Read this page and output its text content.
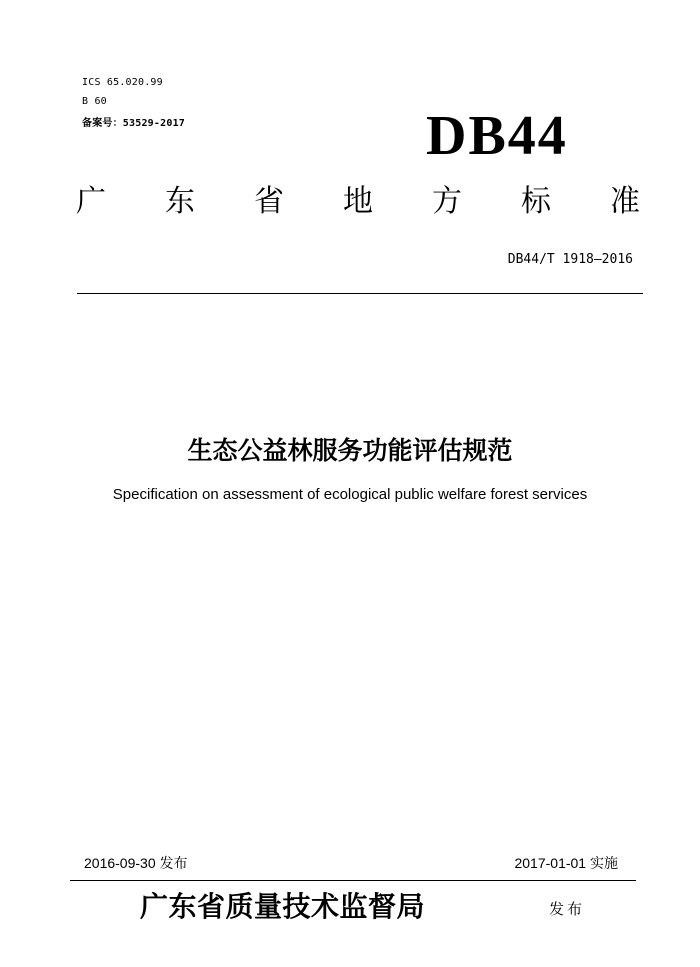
ICS 65.020.99
B 60
备案号：53529-2017	DB44
广 东 省 地 方 标 准
DB44/T 1918—2016
生态公益林服务功能评估规范
Specification on assessment of ecological public welfare forest services
2016-09-30 发布	2017-01-01 实施
广东省质量技术监督局	发布
